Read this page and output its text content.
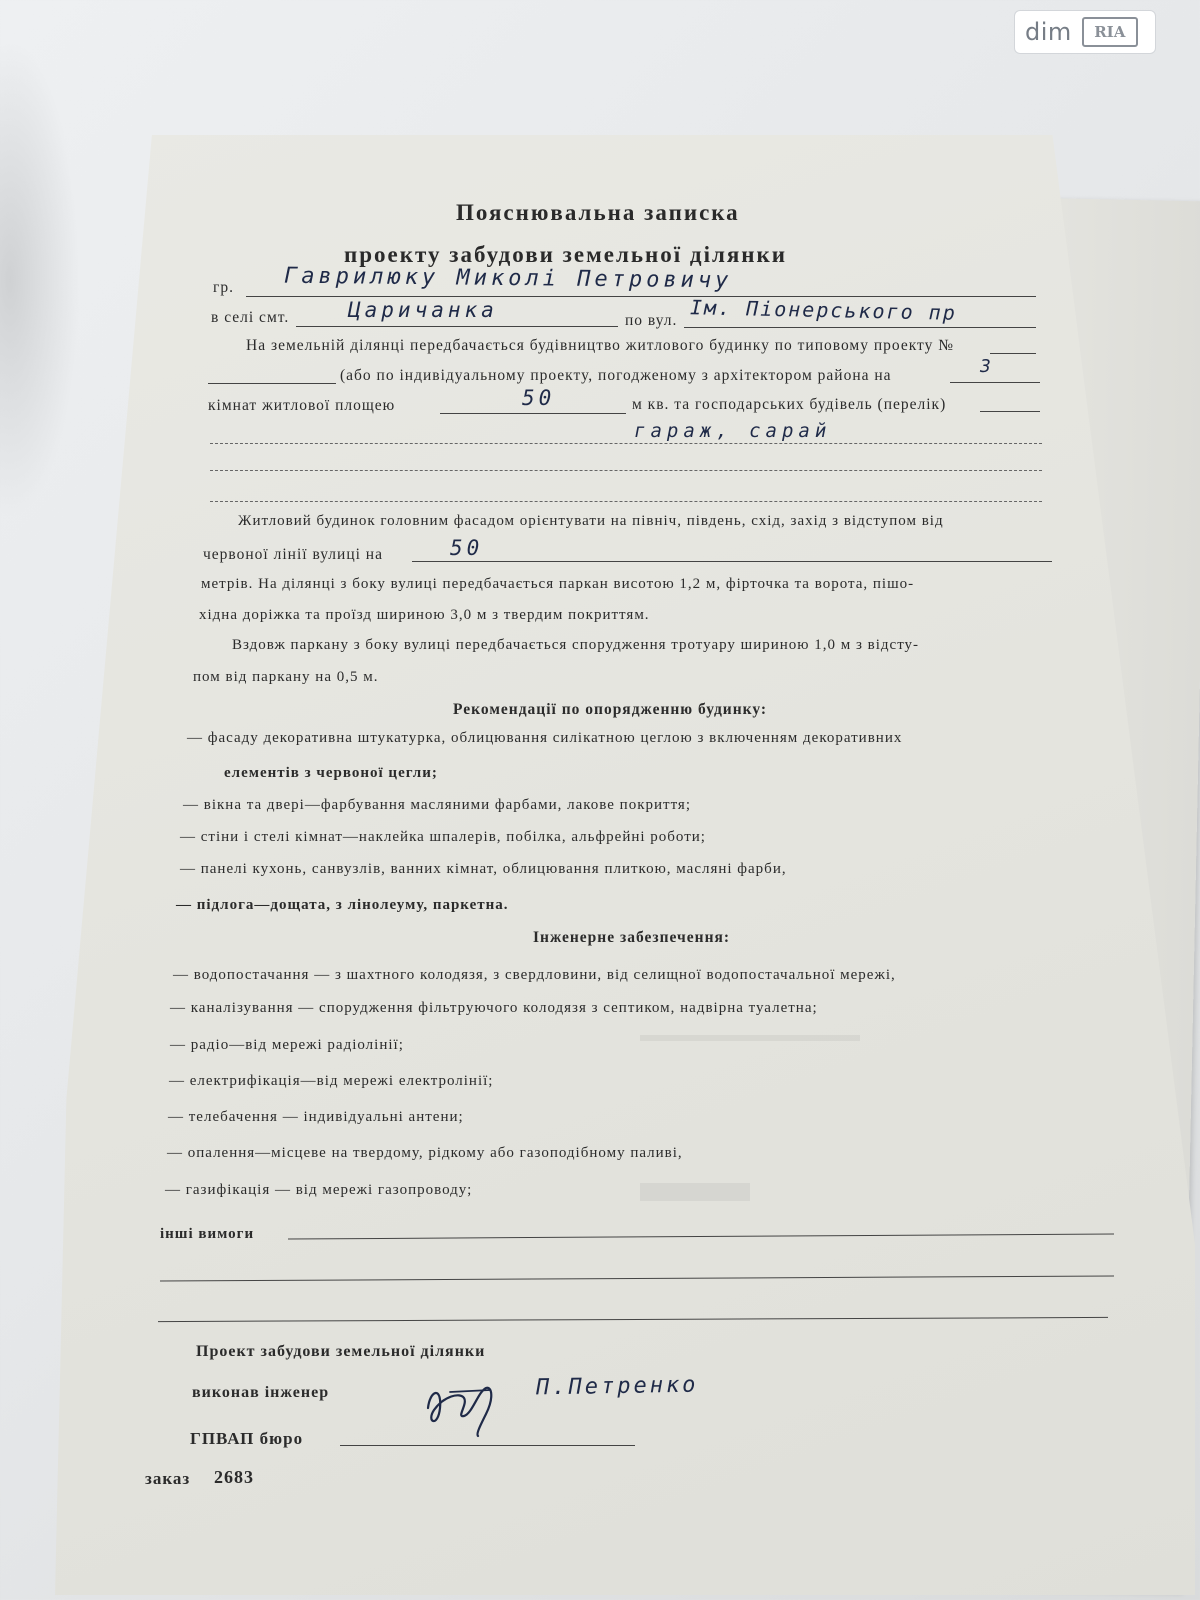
dim	RIA
Пояснювальна записка
проекту забудови земельної ділянки
гр. Гаврилюку Миколі Петровичу
в селі смт.	Царичанка	по вул. Ім. Піонерського пр
На земельній ділянці передбачається будівництво житлового будинку по типовому проекту №
(або по індивідуальному проекту, погодженому з архітектором района на	3
кімнат житлової площею	50	м кв. та господарських будівель (перелік)
гараж, сарай
Житловий будинок головним фасадом орієнтувати на північ, південь, схід, захід з відступом від
червоної лінії вулиці на	50
метрів. На ділянці з боку вулиці передбачається паркан висотою 1,2 м, фірточка та ворота, пішо-
хідна доріжка та проїзд шириною 3,0 м з твердим покриттям.
Вздовж паркану з боку вулиці передбачається спорудження тротуару шириною 1,0 м з відсту-
пом від паркану на 0,5 м.
Рекомендації по опорядженню будинку:
— фасаду декоративна штукатурка, облицювання силікатною цеглою з включенням декоративних
елементів з червоної цегли;
— вікна та двері—фарбування масляними фарбами, лакове покриття;
— стіни і стелі кімнат—наклейка шпалерів, побілка, альфрейні роботи;
— панелі кухонь, санвузлів, ванних кімнат, облицювання плиткою, масляні фарби,
— підлога—дощата, з лінолеуму, паркетна.
Інженерне забезпечення:
— водопостачання — з шахтного колодязя, з свердловини, від селищної водопостачальної мережі,
— каналізування — спорудження фільтруючого колодязя з септиком, надвірна туалетна;
— радіо—від мережі радіолінії;
— електрифікація—від мережі електролінії;
— телебачення — індивідуальні антени;
— опалення—місцеве на твердому, рідкому або газоподібному паливі,
— газифікація — від мережі газопроводу;
інші вимоги
Проект забудови земельної ділянки
виконав інженер
ГПВАП бюро
П.Петренко
заказ 2683
